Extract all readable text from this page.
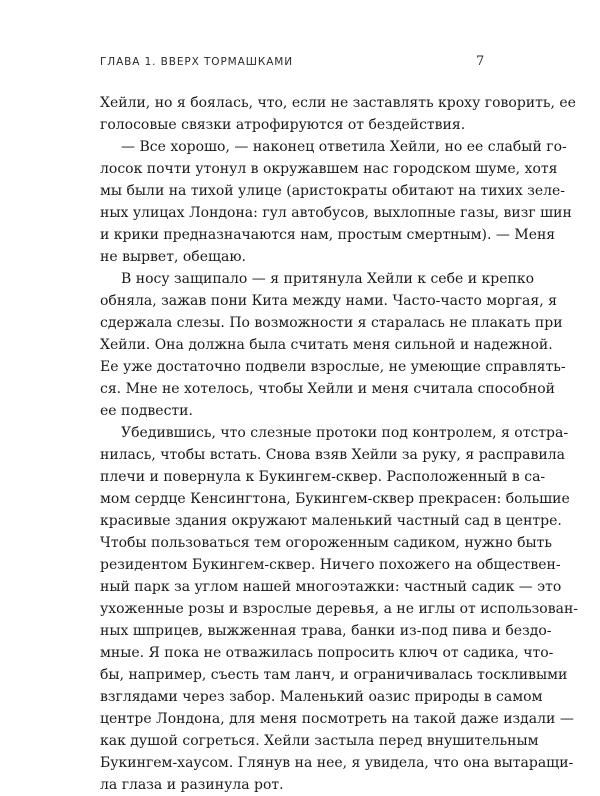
ГЛАВА 1. ВВЕРХ ТОРМАШКАМИ	7
Хейли, но я боялась, что, если не заставлять кроху говорить, ее
голосовые связки атрофируются от бездействия.
— Все хорошо, — наконец ответила Хейли, но ее слабый го-
лосок почти утонул в окружавшем нас городском шуме, хотя
мы были на тихой улице (аристократы обитают на тихих зеле-
ных улицах Лондона: гул автобусов, выхлопные газы, визг шин
и крики предназначаются нам, простым смертным). — Меня
не вырвет, обещаю.
В носу защипало — я притянула Хейли к себе и крепко
обняла, зажав пони Кита между нами. Часто-часто моргая, я
сдержала слезы. По возможности я старалась не плакать при
Хейли. Она должна была считать меня сильной и надежной.
Ее уже достаточно подвели взрослые, не умеющие справлять-
ся. Мне не хотелось, чтобы Хейли и меня считала способной
ее подвести.
Убедившись, что слезные протоки под контролем, я отстра-
нилась, чтобы встать. Снова взяв Хейли за руку, я расправила
плечи и повернула к Букингем-сквер. Расположенный в са-
мом сердце Кенсингтона, Букингем-сквер прекрасен: большие
красивые здания окружают маленький частный сад в центре.
Чтобы пользоваться тем огороженным садиком, нужно быть
резидентом Букингем-сквер. Ничего похожего на обществен-
ный парк за углом нашей многоэтажки: частный садик — это
ухоженные розы и взрослые деревья, а не иглы от использован-
ных шприцев, выжженная трава, банки из-под пива и бездо-
мные. Я пока не отважилась попросить ключ от садика, что-
бы, например, съесть там ланч, и ограничивалась тоскливыми
взглядами через забор. Маленький оазис природы в самом
центре Лондона, для меня посмотреть на такой даже издали —
как душой согреться. Хейли застыла перед внушительным
Букингем-хаусом. Глянув на нее, я увидела, что она вытаращи-
ла глаза и разинула рот.
